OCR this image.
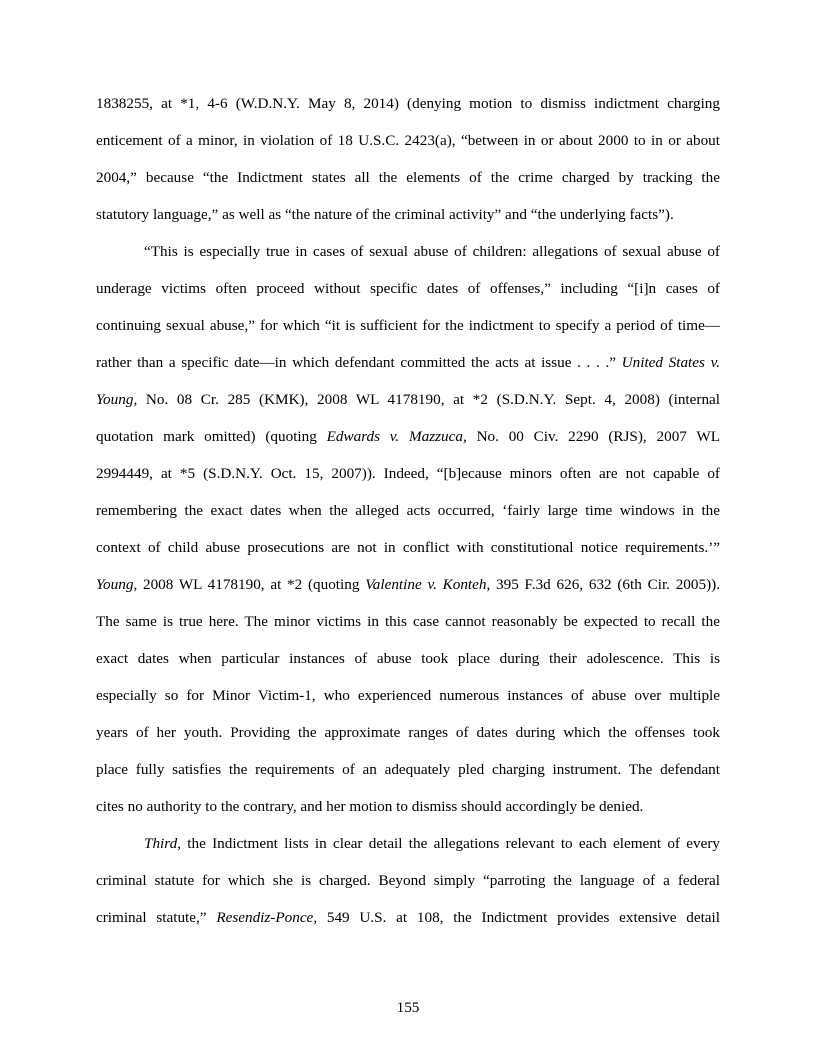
1838255, at *1, 4-6 (W.D.N.Y. May 8, 2014) (denying motion to dismiss indictment charging
enticement of a minor, in violation of 18 U.S.C. 2423(a), “between in or about 2000 to in or about
2004,” because “the Indictment states all the elements of the crime charged by tracking the
statutory language,” as well as “the nature of the criminal activity” and “the underlying facts”).
“This is especially true in cases of sexual abuse of children: allegations of sexual abuse of
underage victims often proceed without specific dates of offenses,” including “[i]n cases of
continuing sexual abuse,” for which “it is sufficient for the indictment to specify a period of time—
rather than a specific date—in which defendant committed the acts at issue . . . .” United States v.
Young, No. 08 Cr. 285 (KMK), 2008 WL 4178190, at *2 (S.D.N.Y. Sept. 4, 2008) (internal
quotation mark omitted) (quoting Edwards v. Mazzuca, No. 00 Civ. 2290 (RJS), 2007 WL
2994449, at *5 (S.D.N.Y. Oct. 15, 2007)). Indeed, “[b]ecause minors often are not capable of
remembering the exact dates when the alleged acts occurred, ‘fairly large time windows in the
context of child abuse prosecutions are not in conflict with constitutional notice requirements.’”
Young, 2008 WL 4178190, at *2 (quoting Valentine v. Konteh, 395 F.3d 626, 632 (6th Cir. 2005)).
The same is true here. The minor victims in this case cannot reasonably be expected to recall the
exact dates when particular instances of abuse took place during their adolescence. This is
especially so for Minor Victim-1, who experienced numerous instances of abuse over multiple
years of her youth. Providing the approximate ranges of dates during which the offenses took
place fully satisfies the requirements of an adequately pled charging instrument. The defendant
cites no authority to the contrary, and her motion to dismiss should accordingly be denied.
Third, the Indictment lists in clear detail the allegations relevant to each element of every
criminal statute for which she is charged. Beyond simply “parroting the language of a federal
criminal statute,” Resendiz-Ponce, 549 U.S. at 108, the Indictment provides extensive detail
155
